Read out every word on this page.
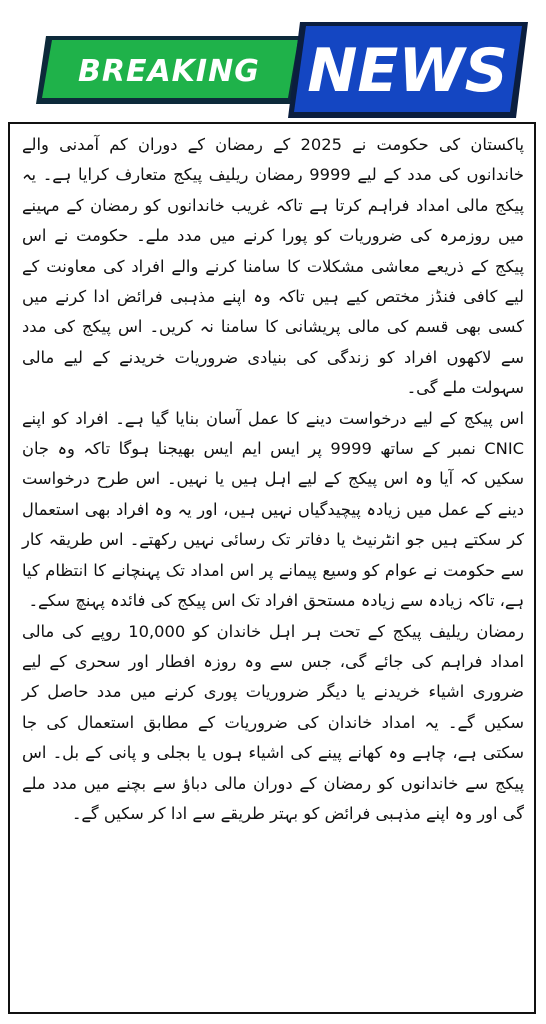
BREAKING NEWS

پاکستان کی حکومت نے 2025 کے رمضان کے دوران کم آمدنی والے خاندانوں کی مدد کے لیے 9999 رمضان ریلیف پیکج متعارف کرایا ہے۔ یہ پیکج مالی امداد فراہم کرتا ہے تاکہ غریب خاندانوں کو رمضان کے مہینے میں روزمرہ کی ضروریات کو پورا کرنے میں مدد ملے۔ حکومت نے اس پیکج کے ذریعے معاشی مشکلات کا سامنا کرنے والے افراد کی معاونت کے لیے کافی فنڈز مختص کیے ہیں تاکہ وہ اپنے مذہبی فرائض ادا کرنے میں کسی بھی قسم کی مالی پریشانی کا سامنا نہ کریں۔ اس پیکج کی مدد سے لاکھوں افراد کو زندگی کی بنیادی ضروریات خریدنے کے لیے مالی سہولت ملے گی۔

اس پیکج کے لیے درخواست دینے کا عمل آسان بنایا گیا ہے۔ افراد کو اپنے CNIC نمبر کے ساتھ 9999 پر ایس ایم ایس بھیجنا ہوگا تاکہ وہ جان سکیں کہ آیا وہ اس پیکج کے لیے اہل ہیں یا نہیں۔ اس طرح درخواست دینے کے عمل میں زیادہ پیچیدگیاں نہیں ہیں، اور یہ وہ افراد بھی استعمال کر سکتے ہیں جو انٹرنیٹ یا دفاتر تک رسائی نہیں رکھتے۔ اس طریقہ کار سے حکومت نے عوام کو وسیع پیمانے پر اس امداد تک پہنچانے کا انتظام کیا ہے، تاکہ زیادہ سے زیادہ مستحق افراد تک اس پیکج کی فائدہ پہنچ سکے۔

رمضان ریلیف پیکج کے تحت ہر اہل خاندان کو 10,000 روپے کی مالی امداد فراہم کی جائے گی، جس سے وہ روزہ افطار اور سحری کے لیے ضروری اشیاء خریدنے یا دیگر ضروریات پوری کرنے میں مدد حاصل کر سکیں گے۔ یہ امداد خاندان کی ضروریات کے مطابق استعمال کی جا سکتی ہے، چاہے وہ کھانے پینے کی اشیاء ہوں یا بجلی و پانی کے بل۔ اس پیکج سے خاندانوں کو رمضان کے دوران مالی دباؤ سے بچنے میں مدد ملے گی اور وہ اپنے مذہبی فرائض کو بہتر طریقے سے ادا کر سکیں گے۔
